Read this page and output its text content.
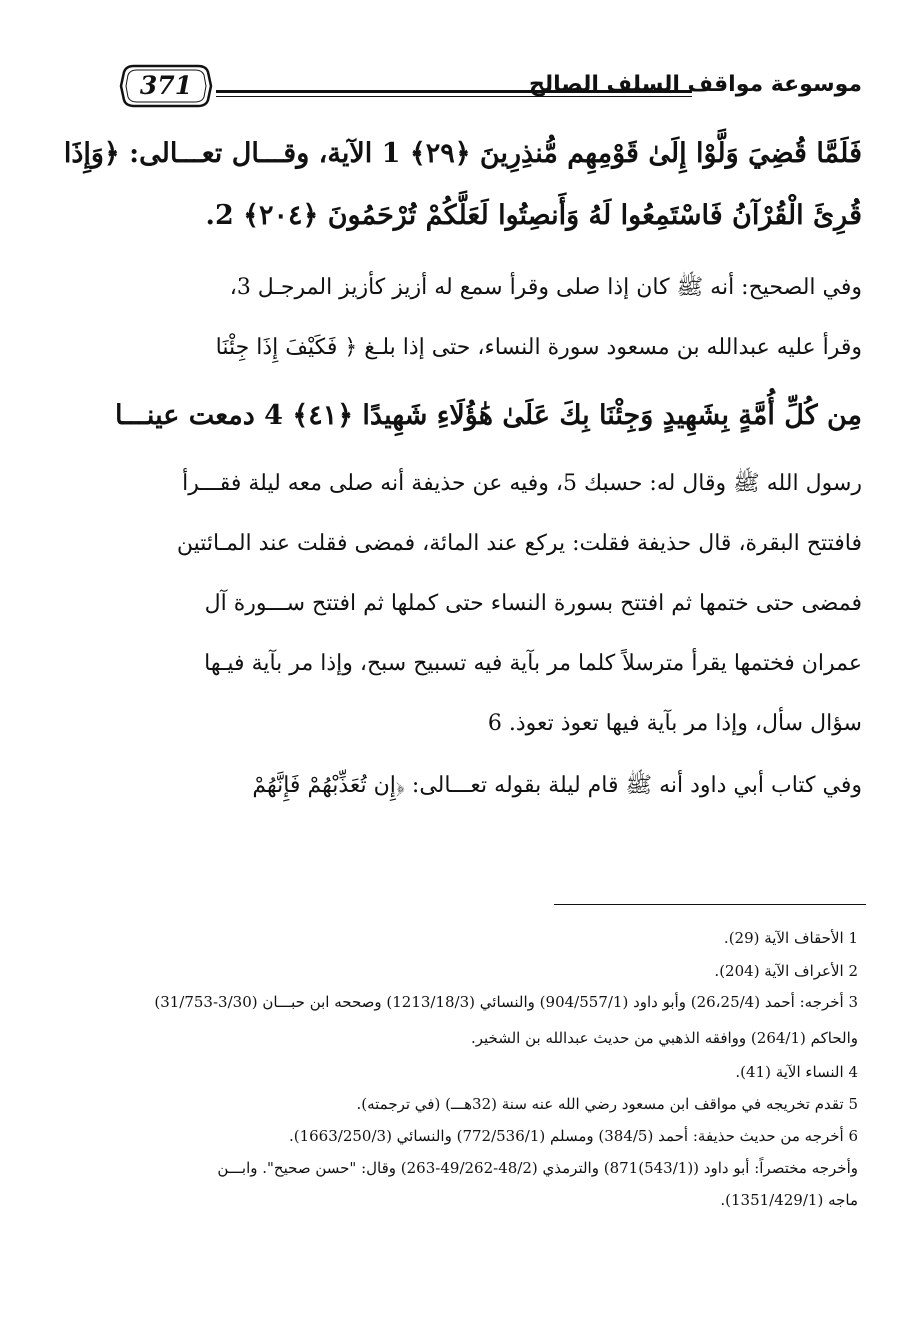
371	موسوعة مواقف السلف الصالح

فَلَمَّا قُضِيَ وَلَّوْا إِلَىٰ قَوْمِهِم مُّنذِرِينَ ﴿٢٩﴾ 1 الآية، وقـــال تعـــالى: ﴿وَإِذَا

قُرِئَ الْقُرْآنُ فَاسْتَمِعُوا لَهُ وَأَنصِتُوا لَعَلَّكُمْ تُرْحَمُونَ ﴿٢٠٤﴾ 2.

وفي الصحيح: أنه ﷺ كان إذا صلى وقرأ سمع له أزيز كأزيز المرجـل 3،

وقرأ عليه عبدالله بن مسعود سورة النساء، حتى إذا بلـغ ﴿ فَكَيْفَ إِذَا جِئْنَا

مِن كُلِّ أُمَّةٍ بِشَهِيدٍ وَجِئْنَا بِكَ عَلَىٰ هَٰؤُلَاءِ شَهِيدًا ﴿٤١﴾ 4 دمعت عينـــا

رسول الله ﷺ وقال له: حسبك 5، وفيه عن حذيفة أنه صلى معه ليلة فقـــرأ

فافتتح البقرة، قال حذيفة فقلت: يركع عند المائة، فمضى فقلت عند المـائتين

فمضى حتى ختمها ثم افتتح بسورة النساء حتى كملها ثم افتتح ســـورة آل

عمران فختمها يقرأ مترسلاً كلما مر بآية فيه تسبيح سبح، وإذا مر بآية فيـها

سؤال سأل، وإذا مر بآية فيها تعوذ تعوذ. 6

وفي كتاب أبي داود أنه ﷺ قام ليلة بقوله تعـــالى: ﴿إِن تُعَذِّبْهُمْ فَإِنَّهُمْ

1 الأحقاف الآية (29).
2 الأعراف الآية (204).
3 أخرجه: أحمد (26،25/4) وأبو داود (904/557/1) والنسائي (1213/18/3) وصححه ابن حبـــان (3/30-31/753)
والحاكم (264/1) ووافقه الذهبي من حديث عبدالله بن الشخير.
4 النساء الآية (41).
5 تقدم تخريجه في مواقف ابن مسعود رضي الله عنه سنة (32هـــ) (في ترجمته).
6 أخرجه من حديث حذيفة: أحمد (384/5) ومسلم (772/536/1) والنسائي (1663/250/3).
وأخرجه مختصراً: أبو داود ((543/1)871) والترمذي (48/2-49/262-263) وقال: "حسن صحيح". وابـــن
ماجه (1351/429/1).
